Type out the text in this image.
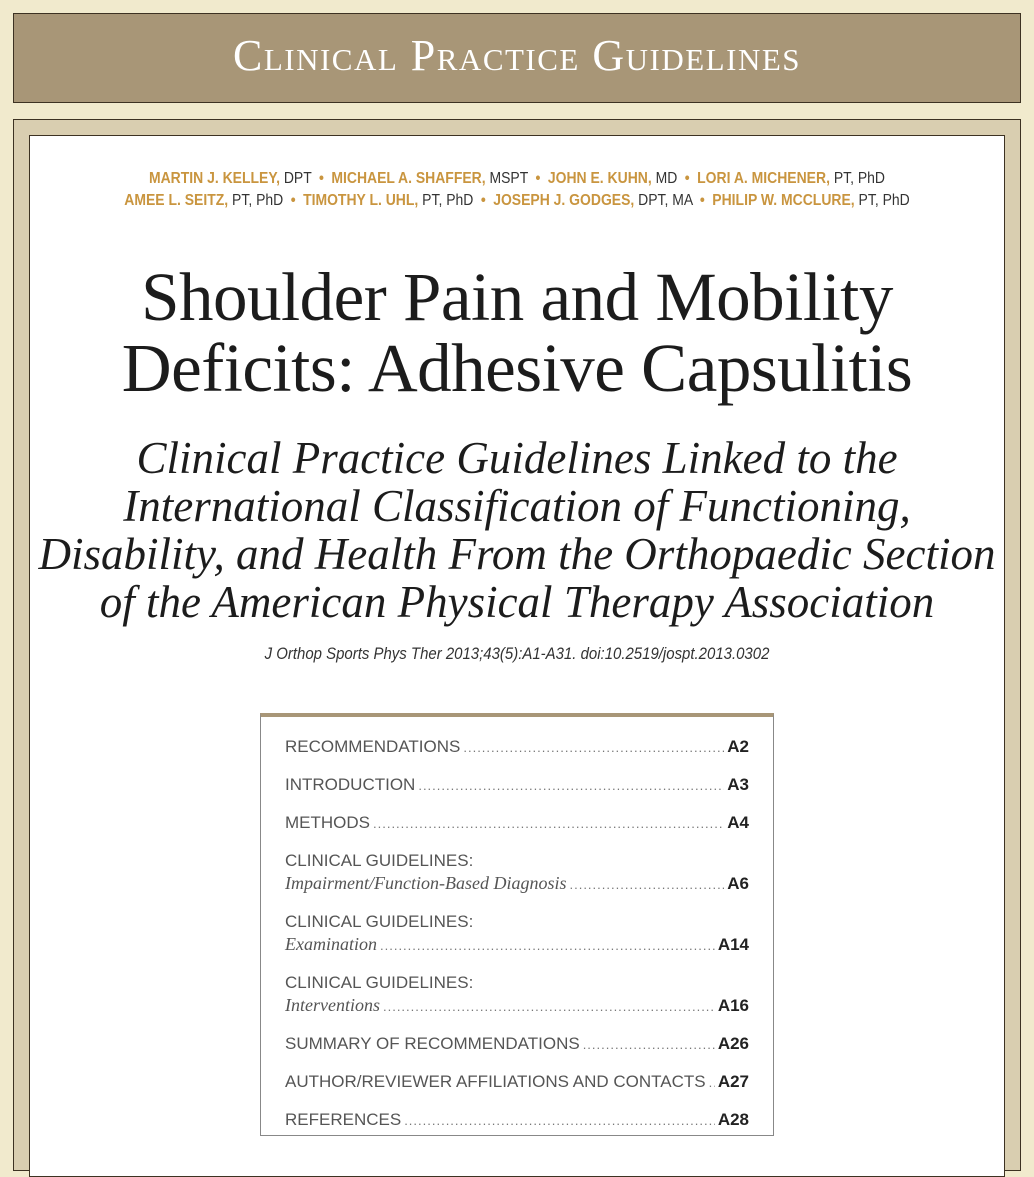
Clinical Practice Guidelines
MARTIN J. KELLEY, DPT • MICHAEL A. SHAFFER, MSPT • JOHN E. KUHN, MD • LORI A. MICHENER, PT, PhD
AMEE L. SEITZ, PT, PhD • TIMOTHY L. UHL, PT, PhD • JOSEPH J. GODGES, DPT, MA • PHILIP W. MCCLURE, PT, PhD
Shoulder Pain and Mobility
Deficits: Adhesive Capsulitis
Clinical Practice Guidelines Linked to the
International Classification of Functioning,
Disability, and Health From the Orthopaedic Section
of the American Physical Therapy Association
J Orthop Sports Phys Ther 2013;43(5):A1-A31. doi:10.2519/jospt.2013.0302
RECOMMENDATIONS .....	A2
INTRODUCTION .....	A3
METHODS .....	A4
CLINICAL GUIDELINES:
Impairment/Function-Based Diagnosis .....	A6
CLINICAL GUIDELINES:
Examination .....	A14
CLINICAL GUIDELINES:
Interventions .....	A16
SUMMARY OF RECOMMENDATIONS .....	A26
AUTHOR/REVIEWER AFFILIATIONS AND CONTACTS ..... A27
REFERENCES .....	A28
